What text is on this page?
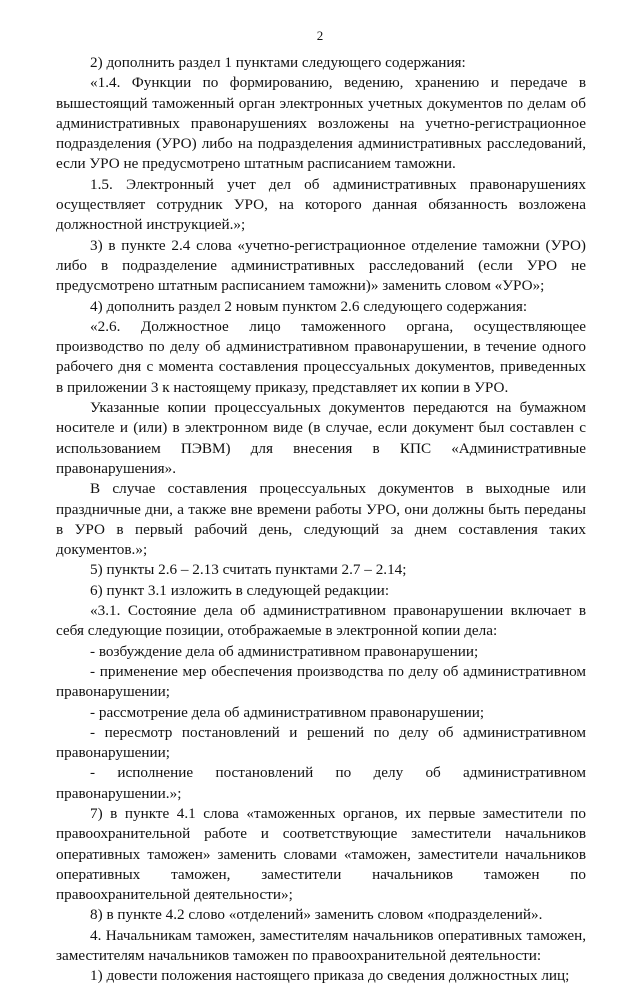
2

2) дополнить раздел 1 пунктами следующего содержания:

«1.4. Функции по формированию, ведению, хранению и передаче в вышестоящий таможенный орган электронных учетных документов по делам об административных правонарушениях возложены на учетно-регистрационное подразделения (УРО) либо на подразделения административных расследований, если УРО не предусмотрено штатным расписанием таможни.

1.5. Электронный учет дел об административных правонарушениях осуществляет сотрудник УРО, на которого данная обязанность возложена должностной инструкцией.»;

3) в пункте 2.4 слова «учетно-регистрационное отделение таможни (УРО) либо в подразделение административных расследований (если УРО не предусмотрено штатным расписанием таможни)» заменить словом «УРО»;

4) дополнить раздел 2 новым пунктом 2.6 следующего содержания:

«2.6. Должностное лицо таможенного органа, осуществляющее производство по делу об административном правонарушении, в течение одного рабочего дня с момента составления процессуальных документов, приведенных в приложении 3 к настоящему приказу, представляет их копии в УРО.

Указанные копии процессуальных документов передаются на бумажном носителе и (или) в электронном виде (в случае, если документ был составлен с использованием ПЭВМ) для внесения в КПС «Административные правонарушения».

В случае составления процессуальных документов в выходные или праздничные дни, а также вне времени работы УРО, они должны быть переданы в УРО в первый рабочий день, следующий за днем составления таких документов.»;

5) пункты 2.6 – 2.13 считать пунктами 2.7 – 2.14;

6) пункт 3.1 изложить в следующей редакции:

«3.1. Состояние дела об административном правонарушении включает в себя следующие позиции, отображаемые в электронной копии дела:

- возбуждение дела об административном правонарушении;

- применение мер обеспечения производства по делу об административном правонарушении;

- рассмотрение дела об административном правонарушении;

- пересмотр постановлений и решений по делу об административном правонарушении;

- исполнение постановлений по делу об административном правонарушении.»;

7) в пункте 4.1 слова «таможенных органов, их первые заместители по правоохранительной работе и соответствующие заместители начальников оперативных таможен» заменить словами «таможен, заместители начальников оперативных таможен, заместители начальников таможен по правоохранительной деятельности»;

8) в пункте 4.2 слово «отделений» заменить словом «подразделений».

4. Начальникам таможен, заместителям начальников оперативных таможен, заместителям начальников таможен по правоохранительной деятельности:

1) довести положения настоящего приказа до сведения должностных лиц;
